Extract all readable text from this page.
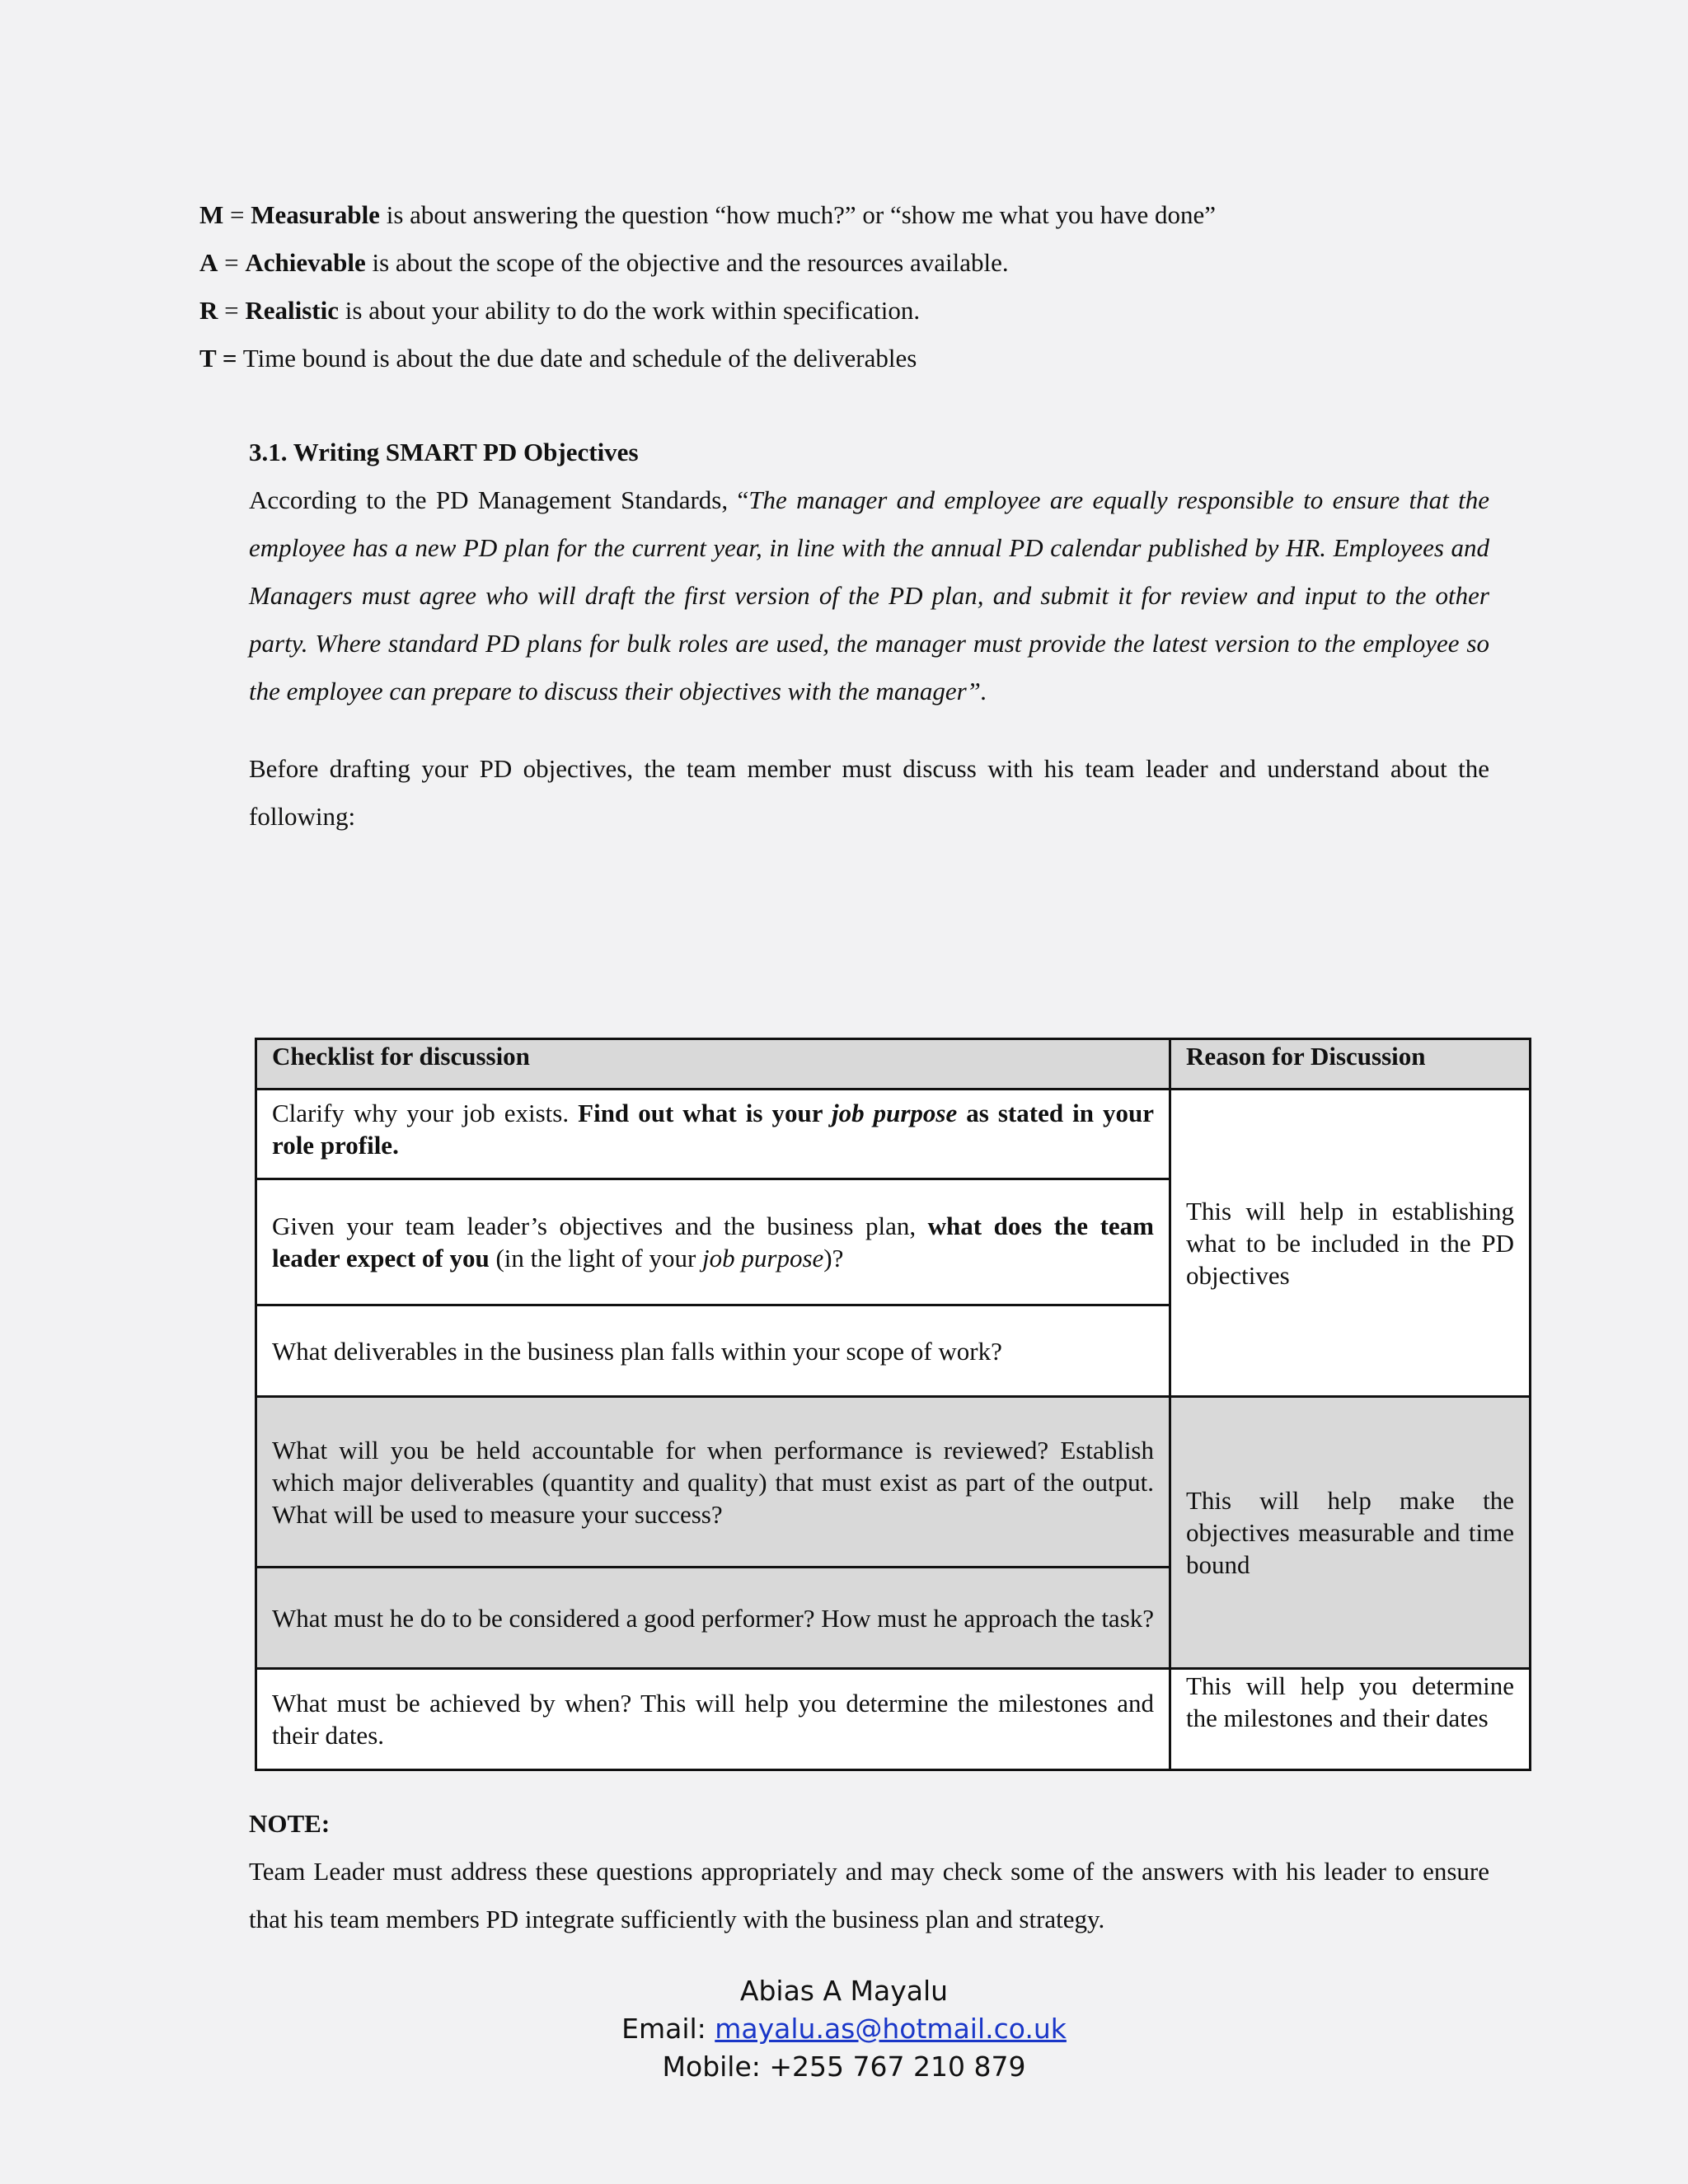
M = Measurable is about answering the question “how much?” or “show me what you have done”

A = Achievable is about the scope of the objective and the resources available.

R = Realistic is about your ability to do the work within specification.

T = Time bound is about the due date and schedule of the deliverables

3.1. Writing SMART PD Objectives

According to the PD Management Standards, “The manager and employee are equally responsible to ensure that the employee has a new PD plan for the current year, in line with the annual PD calendar published by HR. Employees and Managers must agree who will draft the first version of the PD plan, and submit it for review and input to the other party. Where standard PD plans for bulk roles are used, the manager must provide the latest version to the employee so the employee can prepare to discuss their objectives with the manager”.

Before drafting your PD objectives, the team member must discuss with his team leader and understand about the following:

Checklist for discussion	Reason for Discussion
Clarify why your job exists. Find out what is your job purpose as stated in your role profile.	This will help in establishing what to be included in the PD objectives
Given your team leader’s objectives and the business plan, what does the team leader expect of you (in the light of your job purpose)?	
What deliverables in the business plan falls within your scope of work?	
What will you be held accountable for when performance is reviewed? Establish which major deliverables (quantity and quality) that must exist as part of the output. What will be used to measure your success?	This will help make the objectives measurable and time bound
What must he do to be considered a good performer? How must he approach the task?	
What must be achieved by when? This will help you determine the milestones and their dates.	This will help you determine the milestones and their dates

NOTE:

Team Leader must address these questions appropriately and may check some of the answers with his leader to ensure that his team members PD integrate sufficiently with the business plan and strategy.

Abias A Mayalu
Email: mayalu.as@hotmail.co.uk
Mobile: +255 767 210 879
